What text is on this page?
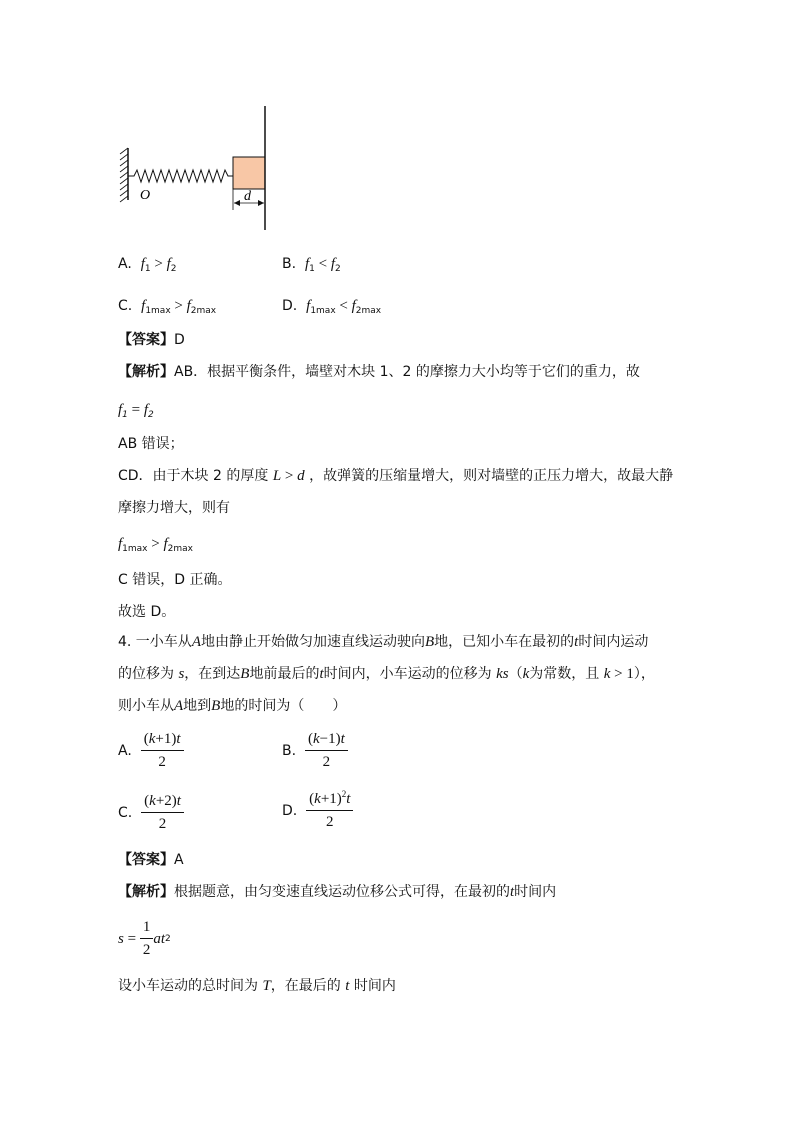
O	d
A. $f_1 > f_2$	B. $f_1 < f_2$
C. $f_{1max} > f_{2max}$	D. $f_{1max} < f_{2max}$
【答案】D
【解析】AB．根据平衡条件，墙壁对木块 1、2 的摩擦力大小均等于它们的重力，故
$f_1 = f_2$
AB 错误；
CD．由于木块 2 的厚度 L > d ，故弹簧的压缩量增大，则对墙壁的正压力增大，故最大静
摩擦力增大，则有
$f_{1max} > f_{2max}$
C 错误，D 正确。
故选 D。
4. 一小车从A地由静止开始做匀加速直线运动驶向B地，已知小车在最初的t时间内运动
的位移为 s，在到达B地前最后的t时间内，小车运动的位移为 ks（k为常数，且 k > 1），
则小车从A地到B地的时间为（　　）
A.
$\frac{(k+1)t}{2}$	B.
$\frac{(k-1)t}{2}$
C.
$\frac{(k+2)t}{2}$	D.
$\frac{(k+1)^2t}{2}$
【答案】A
【解析】根据题意，由匀变速直线运动位移公式可得，在最初的t时间内
$s = \frac{1}{2}$ at 2
设小车运动的总时间为 T，在最后的 t 时间内
